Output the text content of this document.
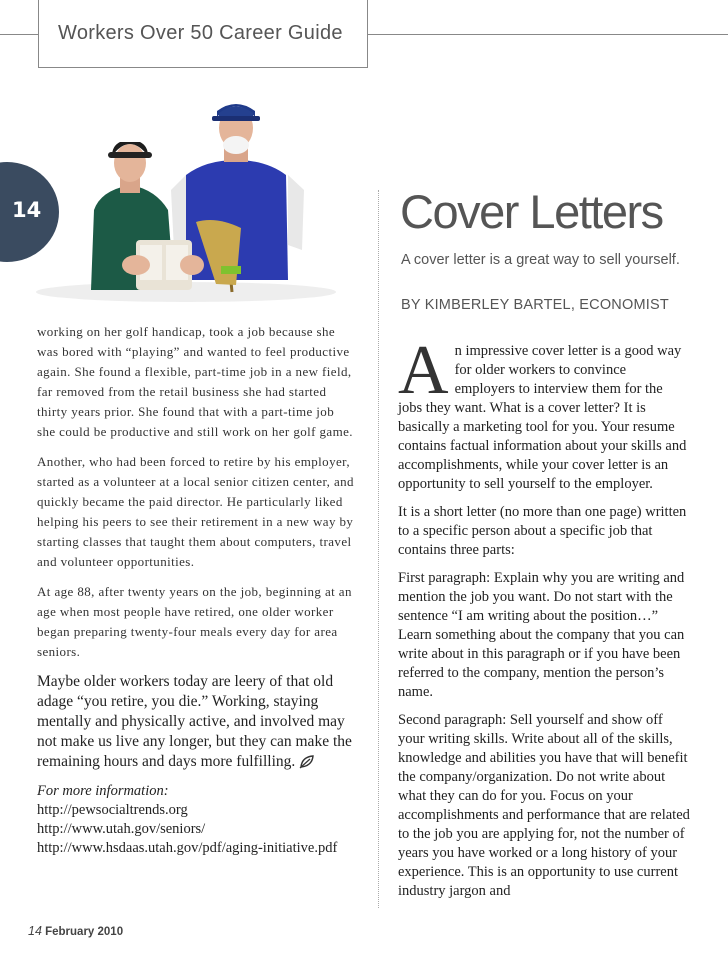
Workers Over 50 Career Guide
14	Cover Letters
A cover letter is a great way to sell yourself.
BY KIMBERLEY BARTEL, ECONOMIST

working on her golf handicap, took a job because she was bored with “playing” and wanted to feel productive again. She found a flexible, part-time job in a new field, far removed from the retail business she had started thirty years prior. She found that with a part-time job she could be productive and still work on her golf game.

Another, who had been forced to retire by his employer, started as a volunteer at a local senior citizen center, and quickly became the paid director. He particularly liked helping his peers to see their retirement in a new way by starting classes that taught them about computers, travel and volunteer opportunities.

At age 88, after twenty years on the job, beginning at an age when most people have retired, one older worker began preparing twenty-four meals every day for area seniors.

Maybe older workers today are leery of that old adage “you retire, you die.” Working, staying mentally and physically active, and involved may not make us live any longer, but they can make the remaining hours and days more fulfilling.

For more information:
http://pewsocialtrends.org
http://www.utah.gov/seniors/
http://www.hsdaas.utah.gov/pdf/aging-initiative.pdf

An impressive cover letter is a good way for older workers to convince employers to interview them for the jobs they want. What is a cover letter? It is basically a marketing tool for you. Your resume contains factual information about your skills and accomplishments, while your cover letter is an opportunity to sell yourself to the employer.

It is a short letter (no more than one page) written to a specific person about a specific job that contains three parts:

First paragraph: Explain why you are writing and mention the job you want. Do not start with the sentence “I am writing about the position…” Learn something about the company that you can write about in this paragraph or if you have been referred to the company, mention the person’s name.

Second paragraph: Sell yourself and show off your writing skills. Write about all of the skills, knowledge and abilities you have that will benefit the company/organization. Do not write about what they can do for you. Focus on your accomplishments and performance that are related to the job you are applying for, not the number of years you have worked or a long history of your experience. This is an opportunity to use current industry jargon and

14 February 2010
